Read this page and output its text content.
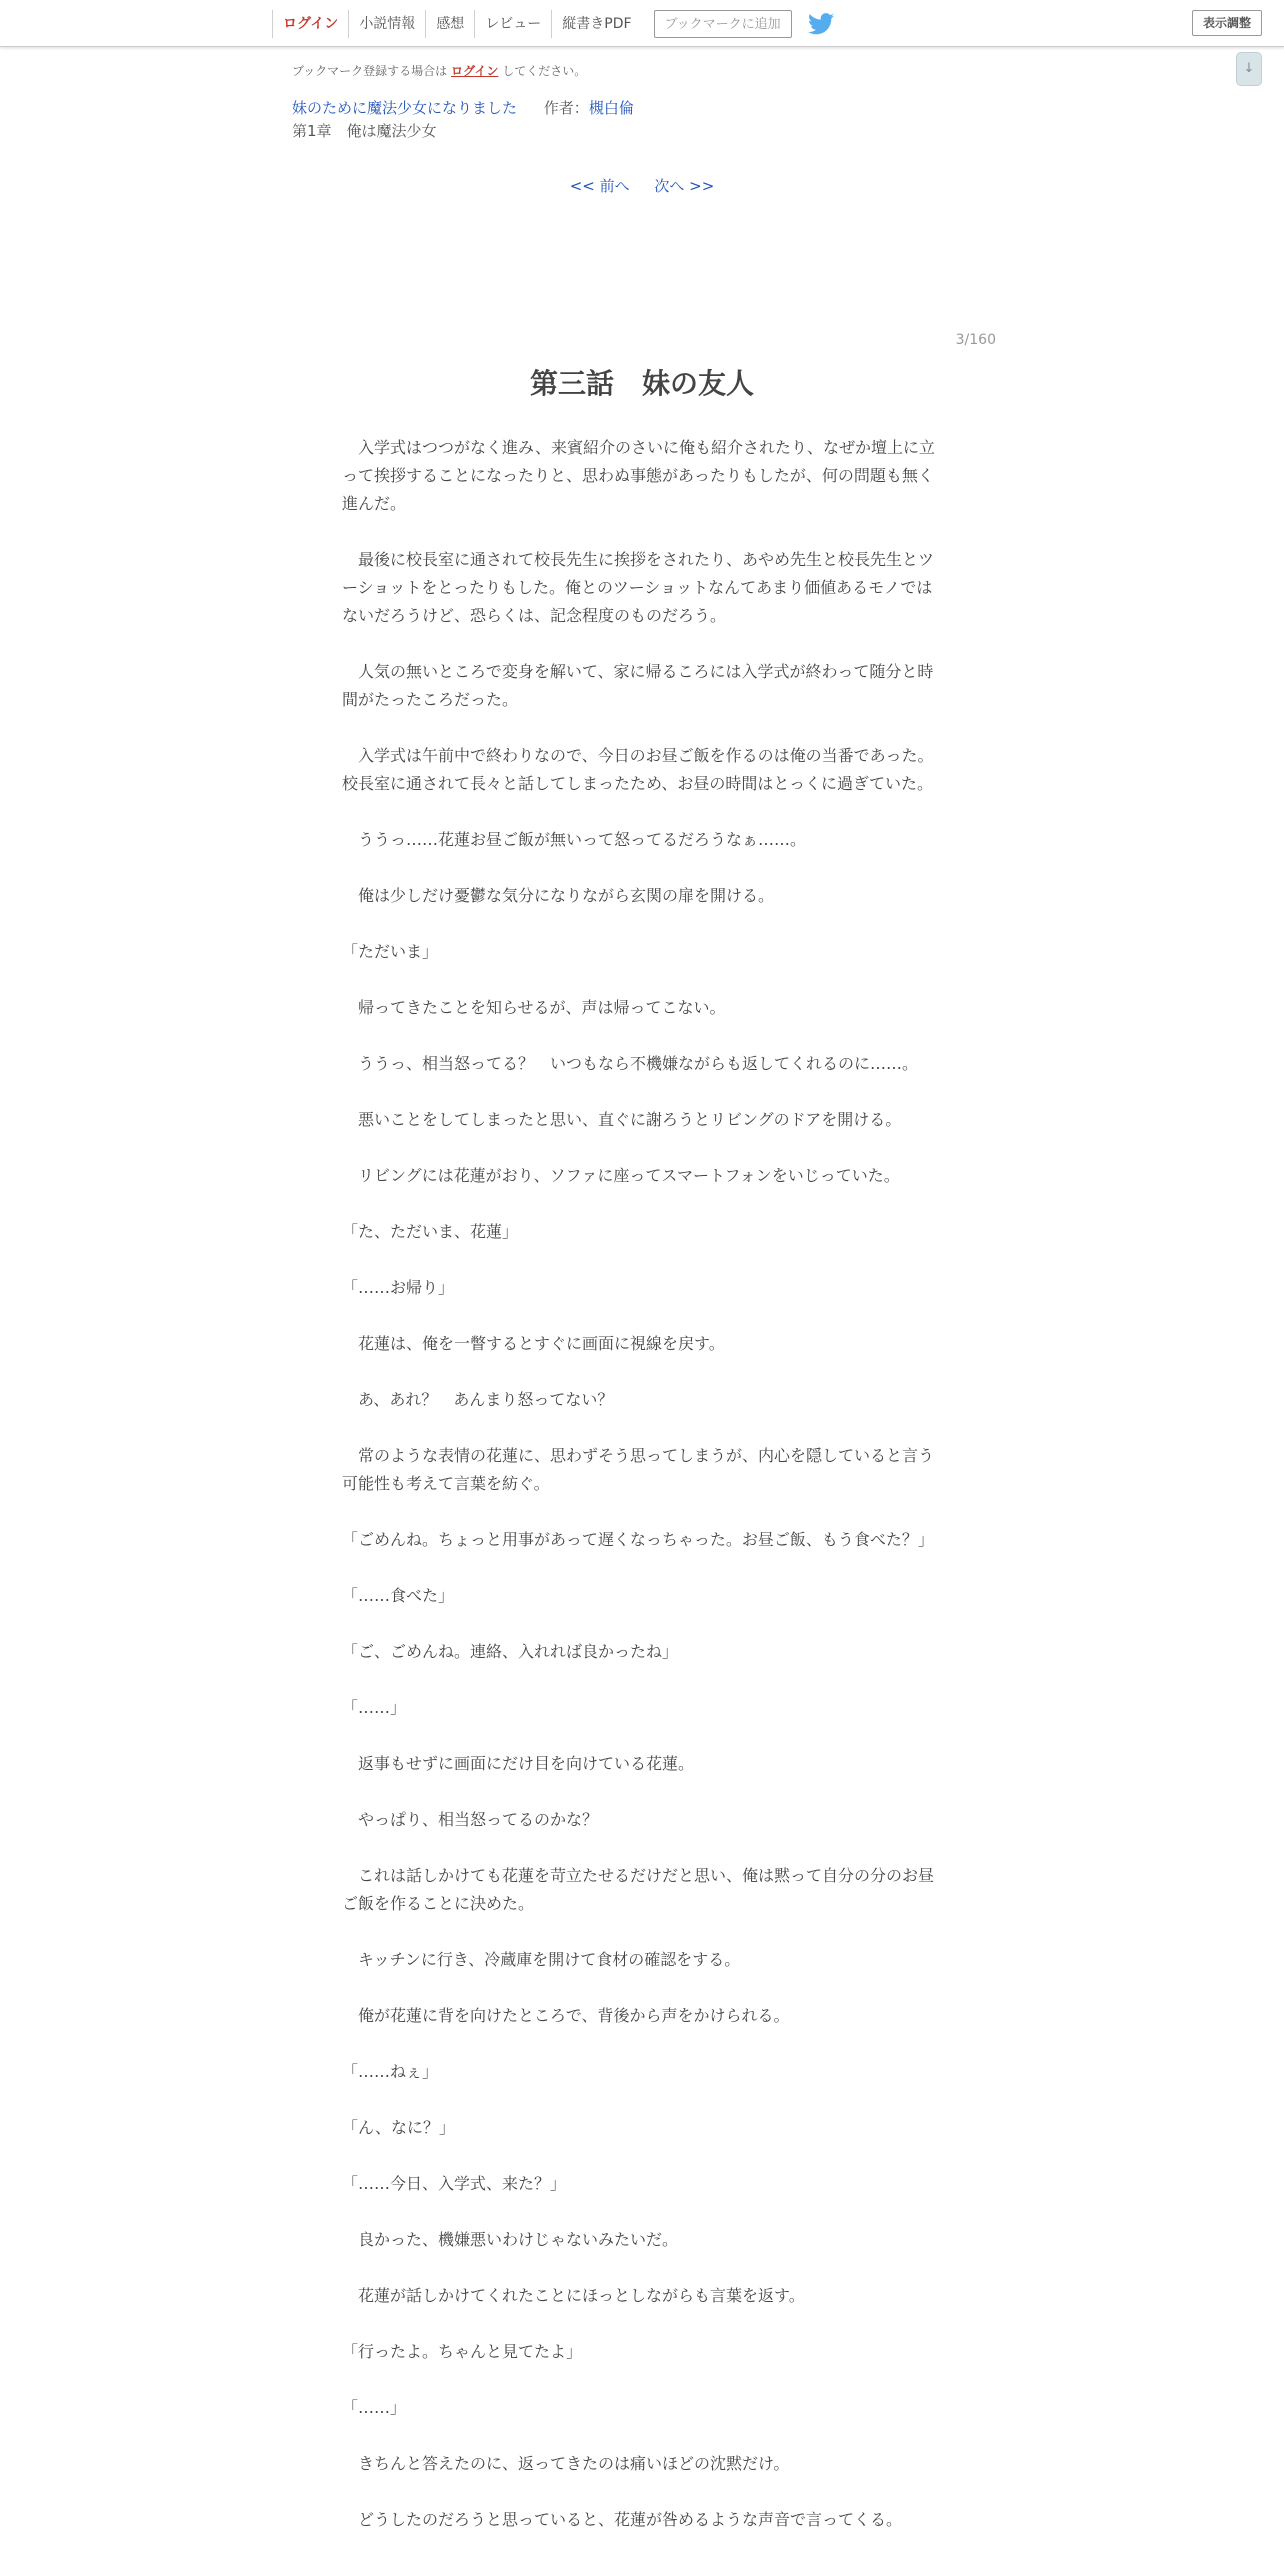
ログイン	小説情報	感想	レビュー	縦書きPDF	ブックマークに追加	表示調整
↓
ブックマーク登録する場合は ログイン してください。
妹のために魔法少女になりました 作者：槻白倫
第1章　俺は魔法少女
<< 前へ 次へ >>
3/160
第三話　妹の友人

　入学式はつつがなく進み、来賓紹介のさいに俺も紹介されたり、なぜか壇上に立って挨拶することになったりと、思わぬ事態があったりもしたが、何の問題も無く進んだ。

　最後に校長室に通されて校長先生に挨拶をされたり、あやめ先生と校長先生とツーショットをとったりもした。俺とのツーショットなんてあまり価値あるモノではないだろうけど、恐らくは、記念程度のものだろう。

　人気の無いところで変身を解いて、家に帰るころには入学式が終わって随分と時間がたったころだった。

　入学式は午前中で終わりなので、今日のお昼ご飯を作るのは俺の当番であった。校長室に通されて長々と話してしまったため、お昼の時間はとっくに過ぎていた。

　ううっ……花蓮お昼ご飯が無いって怒ってるだろうなぁ……。

　俺は少しだけ憂鬱な気分になりながら玄関の扉を開ける。

「ただいま」

　帰ってきたことを知らせるが、声は帰ってこない。

　ううっ、相当怒ってる？　いつもなら不機嫌ながらも返してくれるのに……。

　悪いことをしてしまったと思い、直ぐに謝ろうとリビングのドアを開ける。

　リビングには花蓮がおり、ソファに座ってスマートフォンをいじっていた。

「た、ただいま、花蓮」

「……お帰り」

　花蓮は、俺を一瞥するとすぐに画面に視線を戻す。

　あ、あれ？　あんまり怒ってない？

　常のような表情の花蓮に、思わずそう思ってしまうが、内心を隠していると言う可能性も考えて言葉を紡ぐ。

「ごめんね。ちょっと用事があって遅くなっちゃった。お昼ご飯、もう食べた？」

「……食べた」

「ご、ごめんね。連絡、入れれば良かったね」

「……」

　返事もせずに画面にだけ目を向けている花蓮。

　やっぱり、相当怒ってるのかな？

　これは話しかけても花蓮を苛立たせるだけだと思い、俺は黙って自分の分のお昼ご飯を作ることに決めた。

　キッチンに行き、冷蔵庫を開けて食材の確認をする。

　俺が花蓮に背を向けたところで、背後から声をかけられる。

「……ねぇ」

「ん、なに？」

「……今日、入学式、来た？」

　良かった、機嫌悪いわけじゃないみたいだ。

　花蓮が話しかけてくれたことにほっとしながらも言葉を返す。

「行ったよ。ちゃんと見てたよ」

「……」

　きちんと答えたのに、返ってきたのは痛いほどの沈黙だけ。

　どうしたのだろうと思っていると、花蓮が咎めるような声音で言ってくる。
